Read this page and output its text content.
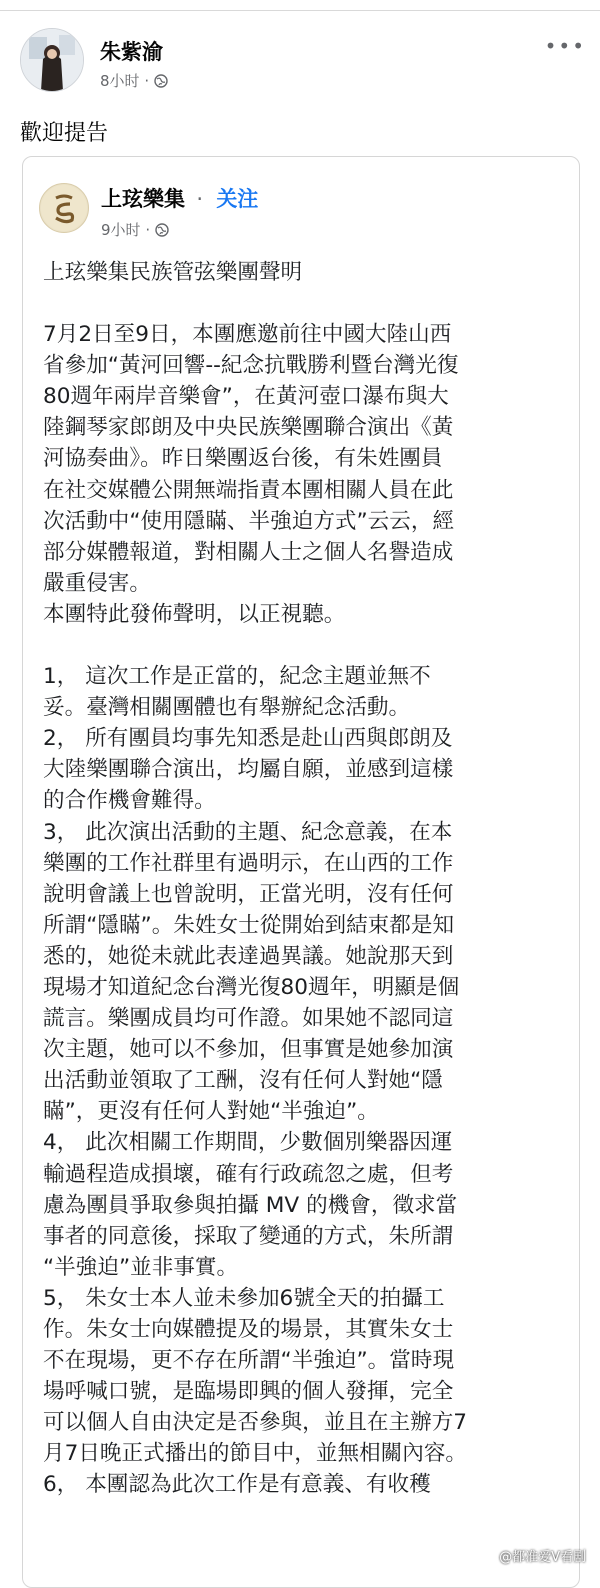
朱紫渝
8小时 ·
•••
歡迎提告
上玹樂集 · 关注
9小时 ·

上玹樂集民族管弦樂團聲明

7月2日至9日，本團應邀前往中國大陸山西
省參加“黃河回響--紀念抗戰勝利暨台灣光復
80週年兩岸音樂會”，在黃河壺口瀑布與大
陸鋼琴家郎朗及中央民族樂團聯合演出《黃
河協奏曲》。昨日樂團返台後，有朱姓團員
在社交媒體公開無端指責本團相關人員在此
次活動中“使用隱瞞、半強迫方式”云云，經
部分媒體報道，對相關人士之個人名譽造成
嚴重侵害。
本團特此發佈聲明，以正視聽。

1， 這次工作是正當的，紀念主題並無不
妥。臺灣相關團體也有舉辦紀念活動。
2， 所有團員均事先知悉是赴山西與郎朗及
大陸樂團聯合演出，均屬自願，並感到這樣
的合作機會難得。
3， 此次演出活動的主題、紀念意義，在本
樂團的工作社群里有過明示，在山西的工作
說明會議上也曾說明，正當光明，沒有任何
所謂“隱瞞”。朱姓女士從開始到結束都是知
悉的，她從未就此表達過異議。她說那天到
現場才知道紀念台灣光復80週年，明顯是個
謊言。樂團成員均可作證。如果她不認同這
次主題，她可以不參加，但事實是她參加演
出活動並領取了工酬，沒有任何人對她“隱
瞞”，更沒有任何人對她“半強迫”。
4， 此次相關工作期間，少數個別樂器因運
輸過程造成損壞，確有行政疏忽之處，但考
慮為團員爭取參與拍攝 MV 的機會，徵求當
事者的同意後，採取了變通的方式，朱所謂
“半強迫”並非事實。
5， 朱女士本人並未參加6號全天的拍攝工
作。朱女士向媒體提及的場景，其實朱女士
不在現場，更不存在所謂“半強迫”。當時現
場呼喊口號，是臨場即興的個人發揮，完全
可以個人自由決定是否參與，並且在主辦方7
月7日晚正式播出的節目中，並無相關內容。
6， 本團認為此次工作是有意義、有收穫

@都准爱V看剧
